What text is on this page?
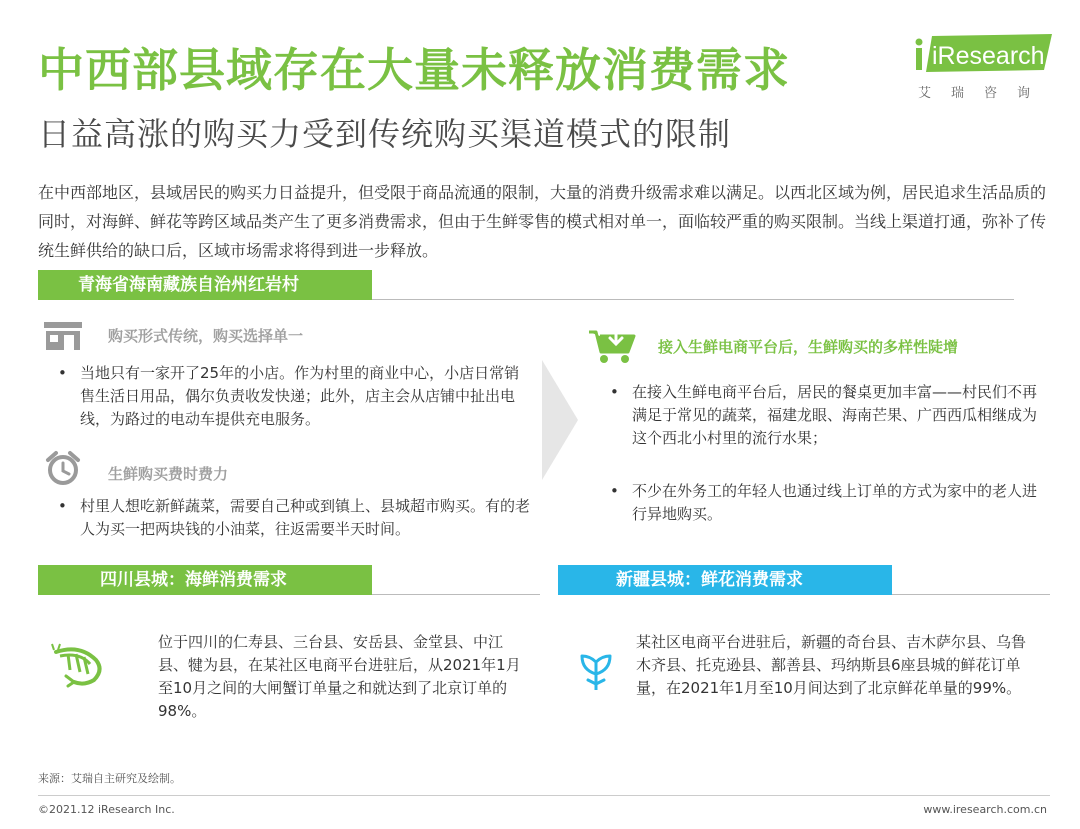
中西部县域存在大量未释放消费需求
日益高涨的购买力受到传统购买渠道模式的限制
iResearch
艾瑞咨询
在中西部地区，县域居民的购买力日益提升，但受限于商品流通的限制，大量的消费升级需求难以满足。以西北区域为例，居民追求生活品质的同时，对海鲜、鲜花等跨区域品类产生了更多消费需求，但由于生鲜零售的模式相对单一，面临较严重的购买限制。当线上渠道打通，弥补了传统生鲜供给的缺口后，区域市场需求将得到进一步释放。
青海省海南藏族自治州红岩村
购买形式传统，购买选择单一
• 当地只有一家开了25年的小店。作为村里的商业中心，小店日常销售生活日用品，偶尔负责收发快递；此外，店主会从店铺中扯出电线，为路过的电动车提供充电服务。
生鲜购买费时费力
• 村里人想吃新鲜蔬菜，需要自己种或到镇上、县城超市购买。有的老人为买一把两块钱的小油菜，往返需要半天时间。
接入生鲜电商平台后，生鲜购买的多样性陡增
• 在接入生鲜电商平台后，居民的餐桌更加丰富——村民们不再满足于常见的蔬菜，福建龙眼、海南芒果、广西西瓜相继成为这个西北小村里的流行水果；
• 不少在外务工的年轻人也通过线上订单的方式为家中的老人进行异地购买。
四川县城：海鲜消费需求
位于四川的仁寿县、三台县、安岳县、金堂县、中江县、犍为县，在某社区电商平台进驻后，从2021年1月至10月之间的大闸蟹订单量之和就达到了北京订单的98%。
新疆县城：鲜花消费需求
某社区电商平台进驻后，新疆的奇台县、吉木萨尔县、乌鲁木齐县、托克逊县、鄯善县、玛纳斯县6座县城的鲜花订单量，在2021年1月至10月间达到了北京鲜花单量的99%。
来源：艾瑞自主研究及绘制。
©2021.12 iResearch Inc.	www.iresearch.com.cn
